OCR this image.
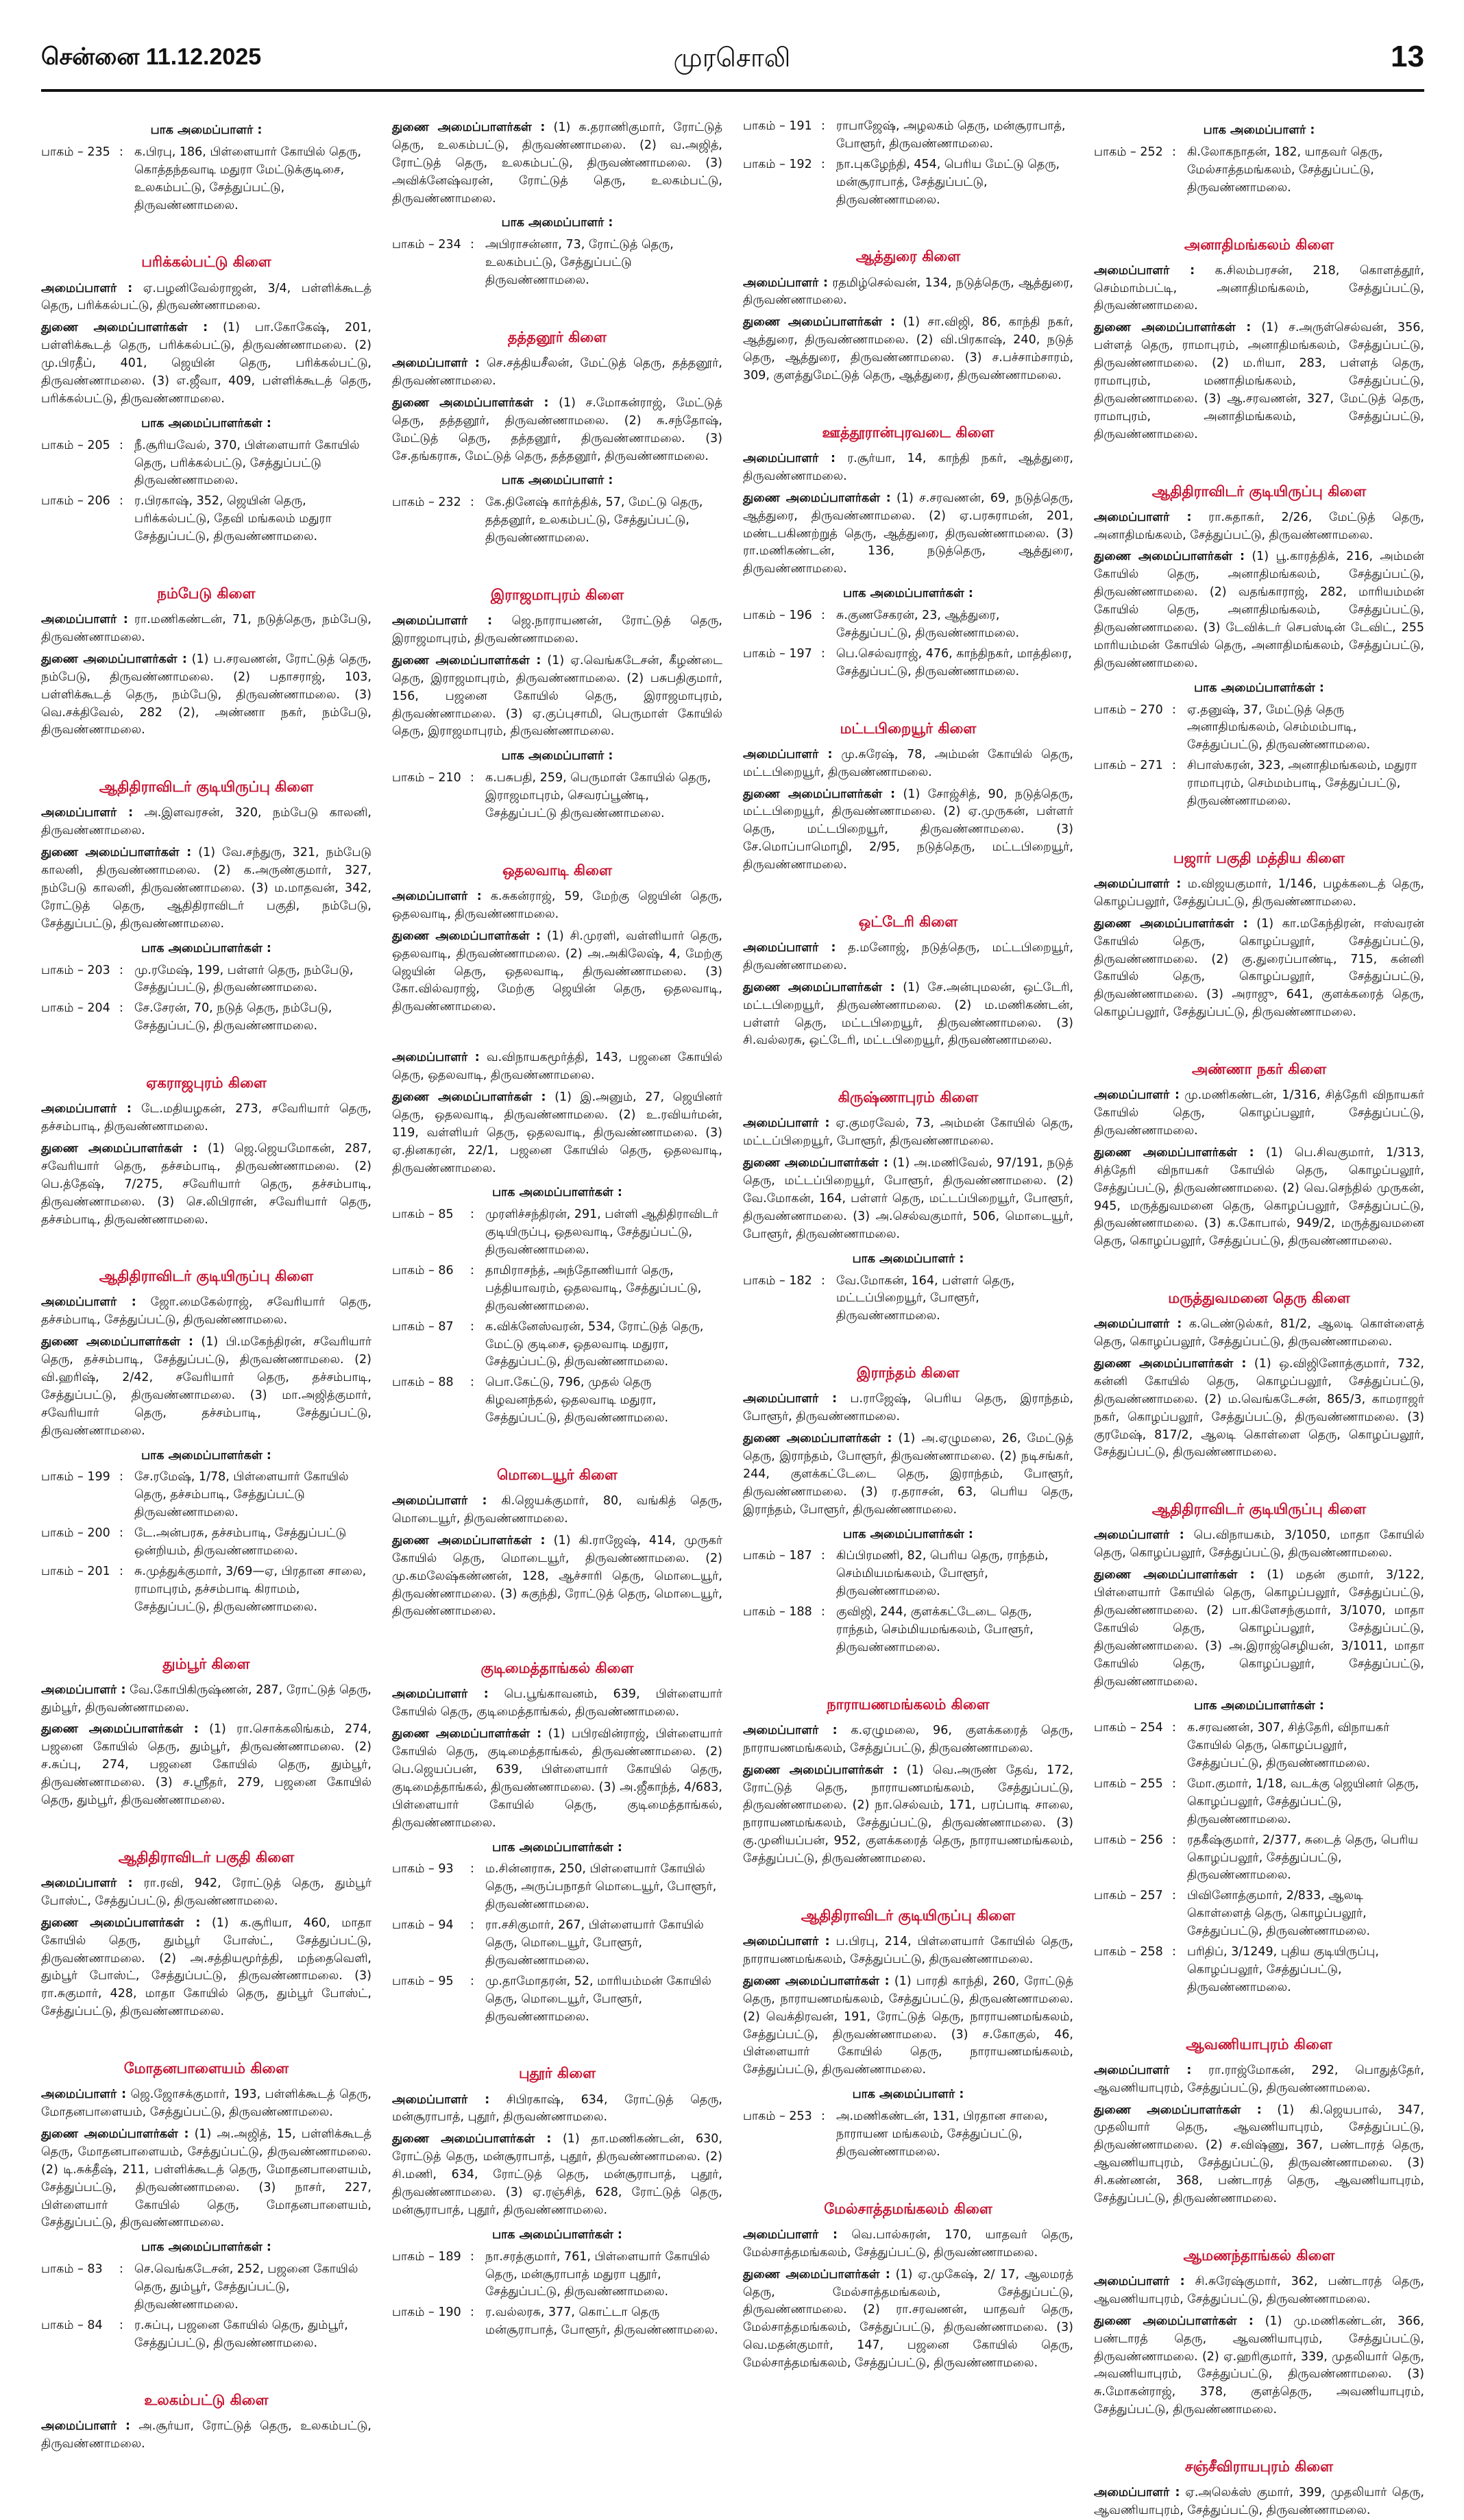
சென்னை 11.12.2025	முரசொலி	13
பாக அமைப்பாளர் :
பாகம் – 235 : க.பிரபு, 186, பிள்ளையார் கோயில் தெரு, கொத்தந்தவாடி மதுரா மேட்டுக்குடிசை, உலகம்பட்டு, சேத்துப்பட்டு, திருவண்ணாமலை.
பரிக்கல்பட்டு கிளை
அமைப்பாளர் : ஏ.பழனிவேல்ராஜன், 3/4, பள்ளிக்கூடத் தெரு, பரிக்கல்பட்டு, திருவண்ணாமலை.
துணை அமைப்பாளர்கள் : (1) பா.கோகேஷ், 201, பள்ளிக்கூடத் தெரு, பரிக்கல்பட்டு, திருவண்ணாமலை. (2) மு.பிரதீப், 401, ஜெயின் தெரு, பரிக்கல்பட்டு, திருவண்ணாமலை. (3) எ.ஜீவா, 409, பள்ளிக்கூடத் தெரு, பரிக்கல்பட்டு, திருவண்ணாமலை.
பாக அமைப்பாளர்கள் :
பாகம் – 205 : நீ.சூரியவேல், 370, பிள்ளையார் கோயில் தெரு, பரிக்கல்பட்டு, சேத்துப்பட்டு திருவண்ணாமலை.
பாகம் – 206 : ர.பிரகாஷ், 352, ஜெயின் தெரு, பரிக்கல்பட்டு, தேவி மங்கலம் மதுரா சேத்துப்பட்டு, திருவண்ணாமலை.
நம்பேடு கிளை
அமைப்பாளர் : ரா.மணிகண்டன், 71, நடுத்தெரு, நம்பேடு, திருவண்ணாமலை.
துணை அமைப்பாளர்கள் : (1) ப.சரவணன், ரோட்டுத் தெரு, நம்பேடு, திருவண்ணாமலை. (2) பதாசராஜ், 103, பள்ளிக்கூடத் தெரு, நம்பேடு, திருவண்ணாமலை. (3) வெ.சக்திவேல், 282 (2), அண்ணா நகர், நம்பேடு, திருவண்ணாமலை.
ஆதிதிராவிடர் குடியிருப்பு கிளை
அமைப்பாளர் : அ.இளவரசன், 320, நம்பேடு காலனி, திருவண்ணாமலை.
துணை அமைப்பாளர்கள் : (1) வே.சந்துரு, 321, நம்பேடு காலனி, திருவண்ணாமலை. (2) க.அருண்குமார், 327, நம்பேடு காலனி, திருவண்ணாமலை. (3) ம.மாதவன், 342, ரோட்டுத் தெரு, ஆதிதிராவிடர் பகுதி, நம்பேடு, சேத்துப்பட்டு, திருவண்ணாமலை.
பாக அமைப்பாளர்கள் :
பாகம் – 203 : மு.ரமேஷ், 199, பள்ளர் தெரு, நம்பேடு, சேத்துப்பட்டு, திருவண்ணாமலை.
பாகம் – 204 : சே.சேரன், 70, நடுத் தெரு, நம்பேடு, சேத்துப்பட்டு, திருவண்ணாமலை.
ஏகராஜபுரம் கிளை
அமைப்பாளர் : டே.மதியழகன், 273, சவேரியார் தெரு, தச்சம்பாடி, திருவண்ணாமலை.
துணை அமைப்பாளர்கள் : (1) ஜெ.ஜெயமோகன், 287, சவேரியார் தெரு, தச்சம்பாடி, திருவண்ணாமலை. (2) பெ.த்தேஷ், 7/275, சவேரியார் தெரு, தச்சம்பாடி, திருவண்ணாமலை. (3) செ.லிபிரான், சவேரியார் தெரு, தச்சம்பாடி, திருவண்ணாமலை.
ஆதிதிராவிடர் குடியிருப்பு கிளை
அமைப்பாளர் : ஜோ.மைகேல்ராஜ், சவேரியார் தெரு, தச்சம்பாடி, சேத்துப்பட்டு, திருவண்ணாமலை.
துணை அமைப்பாளர்கள் : (1) பி.மகேந்திரன், சவேரியார் தெரு, தச்சம்பாடி, சேத்துப்பட்டு, திருவண்ணாமலை. (2) வி.ஹரிஷ், 2/42, சவேரியார் தெரு, தச்சம்பாடி, சேத்துப்பட்டு, திருவண்ணாமலை. (3) மா.அஜித்குமார், சவேரியார் தெரு, தச்சம்பாடி, சேத்துப்பட்டு, திருவண்ணாமலை.
பாக அமைப்பாளர்கள் :
பாகம் – 199 : சே.ரமேஷ், 1/78, பிள்ளையார் கோயில் தெரு, தச்சம்பாடி, சேத்துப்பட்டு திருவண்ணாமலை.
பாகம் – 200 : டே.அன்பரசு, தச்சம்பாடி, சேத்துப்பட்டு ஒன்றியம், திருவண்ணாமலை.
பாகம் – 201 : சு.முத்துக்குமார், 3/69—ஏ, பிரதான சாலை, ராமாபுரம், தச்சம்பாடி கிராமம், சேத்துப்பட்டு, திருவண்ணாமலை.
தும்பூர் கிளை
அமைப்பாளர் : வே.கோபிகிருஷ்ணன், 287, ரோட்டுத் தெரு, தும்பூர், திருவண்ணாமலை.
துணை அமைப்பாளர்கள் : (1) ரா.சொக்கலிங்கம், 274, பஜனை கோயில் தெரு, தும்பூர், திருவண்ணாமலை. (2) ச.சுப்பு, 274, பஜனை கோயில் தெரு, தும்பூர், திருவண்ணாமலை. (3) ச.ஸ்ரீதர், 279, பஜனை கோயில் தெரு, தும்பூர், திருவண்ணாமலை.
ஆதிதிராவிடர் பகுதி கிளை
அமைப்பாளர் : ரா.ரவி, 942, ரோட்டுத் தெரு, தும்பூர் போஸ்ட், சேத்துப்பட்டு, திருவண்ணாமலை.
துணை அமைப்பாளர்கள் : (1) க.சூரியா, 460, மாதா கோயில் தெரு, தும்பூர் போஸ்ட், சேத்துப்பட்டு, திருவண்ணாமலை. (2) அ.சத்தியமூர்த்தி, மந்தைவெளி, தும்பூர் போஸ்ட், சேத்துப்பட்டு, திருவண்ணாமலை. (3) ரா.சுகுமார், 428, மாதா கோயில் தெரு, தும்பூர் போஸ்ட், சேத்துப்பட்டு, திருவண்ணாமலை.
மோதனபாளையம் கிளை
அமைப்பாளர் : ஜெ.ஜோசக்குமார், 193, பள்ளிக்கூடத் தெரு, மோதனபாளையம், சேத்துப்பட்டு, திருவண்ணாமலை.
துணை அமைப்பாளர்கள் : (1) அ.அஜித், 15, பள்ளிக்கூடத் தெரு, மோதனபாளையம், சேத்துப்பட்டு, திருவண்ணாமலை. (2) டி.சுக்தீஷ், 211, பள்ளிக்கூடத் தெரு, மோதனபாளையம், சேத்துப்பட்டு, திருவண்ணாமலை. (3) நாசர், 227, பிள்ளையார் கோயில் தெரு, மோதனபாளையம், சேத்துப்பட்டு, திருவண்ணாமலை.
பாக அமைப்பாளர்கள் :
பாகம் – 83	: செ.வெங்கடேசன், 252, பஜனை கோயில் தெரு, தும்பூர், சேத்துப்பட்டு, திருவண்ணாமலை.
பாகம் – 84	: ர.சுப்பு, பஜனை கோயில் தெரு, தும்பூர், சேத்துப்பட்டு, திருவண்ணாமலை.
உலகம்பட்டு கிளை
அமைப்பாளர் : அ.சூர்யா, ரோட்டுத் தெரு, உலகம்பட்டு, திருவண்ணாமலை.
துணை அமைப்பாளர்கள் : (1) சு.தராணிகுமார், ரோட்டுத் தெரு, உலகம்பட்டு, திருவண்ணாமலை. (2) வ.அஜித், ரோட்டுத் தெரு, உலகம்பட்டு, திருவண்ணாமலை. (3) அவிக்னேஷ்வரன், ரோட்டுத் தெரு, உலகம்பட்டு, திருவண்ணாமலை.
பாக அமைப்பாளர் :
பாகம் – 234 : அபிராசன்னா, 73, ரோட்டுத் தெரு, உலகம்பட்டு, சேத்துப்பட்டு திருவண்ணாமலை.
தத்தனூர் கிளை
அமைப்பாளர் : செ.சத்தியசீலன், மேட்டுத் தெரு, தத்தனூர், திருவண்ணாமலை.
துணை அமைப்பாளர்கள் : (1) ச.மோகன்ராஜ், மேட்டுத் தெரு, தத்தனூர், திருவண்ணாமலை. (2) சு.சந்தோஷ், மேட்டுத் தெரு, தத்தனூர், திருவண்ணாமலை. (3) சே.தங்கராசு, மேட்டுத் தெரு, தத்தனூர், திருவண்ணாமலை.
பாக அமைப்பாளர் :
பாகம் – 232 : கே.தினேஷ் கார்த்திக், 57, மேட்டு தெரு, தத்தனூர், உலகம்பட்டு, சேத்துப்பட்டு, திருவண்ணாமலை.
இராஜமாபுரம் கிளை
அமைப்பாளர் : ஜெ.நாராயணன், ரோட்டுத் தெரு, இராஜமாபுரம், திருவண்ணாமலை.
துணை அமைப்பாளர்கள் : (1) ஏ.வெங்கடேசன், கீழண்டை தெரு, இராஜமாபுரம், திருவண்ணாமலை. (2) பசுபதிகுமார், 156, பஜனை கோயில் தெரு, இராஜமாபுரம், திருவண்ணாமலை. (3) ஏ.குப்புசாமி, பெருமாள் கோயில் தெரு, இராஜமாபுரம், திருவண்ணாமலை.
பாக அமைப்பாளர் :
பாகம் – 210 : க.பசுபதி, 259, பெருமாள் கோயில் தெரு, இராஜமாபுரம், செவரப்பூண்டி, சேத்துப்பட்டு திருவண்ணாமலை.
ஒதலவாடி கிளை
அமைப்பாளர் : க.சுகன்ராஜ், 59, மேற்கு ஜெயின் தெரு, ஒதலவாடி, திருவண்ணாமலை.
துணை அமைப்பாளர்கள் : (1) சி.முரளி, வள்ளியார் தெரு, ஒதலவாடி, திருவண்ணாமலை. (2) அ.அகிலேஷ், 4, மேற்கு ஜெயின் தெரு, ஒதலவாடி, திருவண்ணாமலை. (3) கோ.வில்வராஜ், மேற்கு ஜெயின் தெரு, ஒதலவாடி, திருவண்ணாமலை.
அமைப்பாளர் : வ.விநாயகமூர்த்தி, 143, பஜனை கோயில் தெரு, ஒதலவாடி, திருவண்ணாமலை.
துணை அமைப்பாளர்கள் : (1) இ.அனும், 27, ஜெயினர் தெரு, ஒதலவாடி, திருவண்ணாமலை. (2) உ.ரவியர்மன், 119, வள்ளியர் தெரு, ஒதலவாடி, திருவண்ணாமலை. (3) ஏ.தினகரன், 22/1, பஜனை கோயில் தெரு, ஒதலவாடி, திருவண்ணாமலை.
பாக அமைப்பாளர்கள் :
பாகம் – 85	: முரளிச்சந்திரன், 291, பள்ளி ஆதிதிராவிடர் குடியிருப்பு, ஒதலவாடி, சேத்துப்பட்டு, திருவண்ணாமலை.
பாகம் – 86	: தாமிராசந்த், அந்தோணியார் தெரு, பத்தியாவரம், ஒதலவாடி, சேத்துப்பட்டு, திருவண்ணாமலை.
பாகம் – 87	: க.விக்னேஸ்வரன், 534, ரோட்டுத் தெரு, மேட்டு குடிசை, ஒதலவாடி மதுரா, சேத்துப்பட்டு, திருவண்ணாமலை.
பாகம் – 88	: பொ.கேட்டு, 796, முதல் தெரு கிழவனந்தல், ஒதலவாடி மதுரா, சேத்துப்பட்டு, திருவண்ணாமலை.
மொடையூர் கிளை
அமைப்பாளர் : கி.ஜெயக்குமார், 80, வங்கித் தெரு, மொடையூர், திருவண்ணாமலை.
துணை அமைப்பாளர்கள் : (1) கி.ராஜேஷ், 414, முருகர் கோயில் தெரு, மொடையூர், திருவண்ணாமலை. (2) மு.கமலேஷ்கண்ணன், 128, ஆச்சாரி தெரு, மொடையூர், திருவண்ணாமலை. (3) சுகுந்தி, ரோட்டுத் தெரு, மொடையூர், திருவண்ணாமலை.
குடிமைத்தாங்கல் கிளை
அமைப்பாளர் : பெ.பூங்காவனம், 639, பிள்ளையார் கோயில் தெரு, குடிமைத்தாங்கல், திருவண்ணாமலை.
துணை அமைப்பாளர்கள் : (1) பபிரவின்ராஜ், பிள்ளையார் கோயில் தெரு, குடிமைத்தாங்கல், திருவண்ணாமலை. (2) பெ.ஜெயப்பன், 639, பிள்ளையார் கோயில் தெரு, குடிமைத்தாங்கல், திருவண்ணாமலை. (3) அ.ஜீகாந்த், 4/683, பிள்ளையார் கோயில் தெரு, குடிமைத்தாங்கல், திருவண்ணாமலை.
பாக அமைப்பாளர்கள் :
பாகம் – 93	: ம.சின்னராசு, 250, பிள்ளையார் கோயில் தெரு, அருப்பநாதர் மொடையூர், போளூர், திருவண்ணாமலை.
பாகம் – 94	: ரா.சசிகுமார், 267, பிள்ளையார் கோயில் தெரு, மொடையூர், போளூர், திருவண்ணாமலை.
பாகம் – 95	: மு.தாமோதரன், 52, மாரியம்மன் கோயில் தெரு, மொடையூர், போளூர், திருவண்ணாமலை.
புதூர் கிளை
அமைப்பாளர் : சிபிரகாஷ், 634, ரோட்டுத் தெரு, மன்சூராபாத், புதூர், திருவண்ணாமலை.
துணை அமைப்பாளர்கள் : (1) தா.மணிகண்டன், 630, ரோட்டுத் தெரு, மன்சூராபாத், புதூர், திருவண்ணாமலை. (2) சி.மணி, 634, ரோட்டுத் தெரு, மன்சூராபாத், புதூர், திருவண்ணாமலை. (3) ஏ.ரஞ்சித், 628, ரோட்டுத் தெரு, மன்சூராபாத், புதூர், திருவண்ணாமலை.
பாக அமைப்பாளர்கள் :
பாகம் – 189 : நா.சரத்குமார், 761, பிள்ளையார் கோயில் தெரு, மன்சூராபாத் மதுரா புதூர், சேத்துப்பட்டு, திருவண்ணாமலை.
பாகம் – 190 : ர.வல்லரசு, 377, கொட்டா தெரு மன்சூராபாத், போளூர், திருவண்ணாமலை.
பாகம் – 191 : ராபாஜேஷ், அழலகம் தெரு, மன்சூராபாத், போளூர், திருவண்ணாமலை.
பாகம் – 192 : நா.புகழேந்தி, 454, பெரிய மேட்டு தெரு, மன்சூராபாத், சேத்துப்பட்டு, திருவண்ணாமலை.
ஆத்துரை கிளை
அமைப்பாளர் : ரதமிழ்செல்வன், 134, நடுத்தெரு, ஆத்துரை, திருவண்ணாமலை.
துணை அமைப்பாளர்கள் : (1) சா.விஜி, 86, காந்தி நகர், ஆத்துரை, திருவண்ணாமலை. (2) வி.பிரகாஷ், 240, நடுத் தெரு, ஆத்துரை, திருவண்ணாமலை. (3) ச.பச்சாம்சாரம், 309, குளத்துமேட்டுத் தெரு, ஆத்துரை, திருவண்ணாமலை.
ஊத்தூரான்புரவடை கிளை
அமைப்பாளர் : ர.சூர்யா, 14, காந்தி நகர், ஆத்துரை, திருவண்ணாமலை.
துணை அமைப்பாளர்கள் : (1) ச.சரவணன், 69, நடுத்தெரு, ஆத்துரை, திருவண்ணாமலை. (2) ஏ.பரசுராமன், 201, மண்டபகிணற்றுத் தெரு, ஆத்துரை, திருவண்ணாமலை. (3) ரா.மணிகண்டன், 136, நடுத்தெரு, ஆத்துரை, திருவண்ணாமலை.
பாக அமைப்பாளர்கள் :
பாகம் – 196 : சு.குணசேகரன், 23, ஆத்துரை, சேத்துப்பட்டு, திருவண்ணாமலை.
பாகம் – 197 : பெ.செல்வராஜ், 476, காந்திநகர், மாத்திரை, சேத்துப்பட்டு, திருவண்ணாமலை.
மட்டபிறையூர் கிளை
அமைப்பாளர் : மு.சுரேஷ், 78, அம்மன் கோயில் தெரு, மட்டபிறையூர், திருவண்ணாமலை.
துணை அமைப்பாளர்கள் : (1) சோஜ்சித், 90, நடுத்தெரு, மட்டபிறையூர், திருவண்ணாமலை. (2) ஏ.முருகன், பள்ளர் தெரு, மட்டபிறையூர், திருவண்ணாமலை. (3) சே.மொப்பாமொழி, 2/95, நடுத்தெரு, மட்டபிறையூர், திருவண்ணாமலை.
ஒட்டேரி கிளை
அமைப்பாளர் : த.மனோஜ், நடுத்தெரு, மட்டபிறையூர், திருவண்ணாமலை.
துணை அமைப்பாளர்கள் : (1) சே.அன்புமலன், ஒட்டேரி, மட்டபிறையூர், திருவண்ணாமலை. (2) ம.மணிகண்டன், பள்ளர் தெரு, மட்டபிறையூர், திருவண்ணாமலை. (3) சி.வல்லரசு, ஒட்டேரி, மட்டபிறையூர், திருவண்ணாமலை.
கிருஷ்ணாபுரம் கிளை
அமைப்பாளர் : ஏ.குமரவேல், 73, அம்மன் கோயில் தெரு, மட்டப்பிறையூர், போளூர், திருவண்ணாமலை.
துணை அமைப்பாளர்கள் : (1) அ.மணிவேல், 97/191, நடுத் தெரு, மட்டப்பிறையூர், போளூர், திருவண்ணாமலை. (2) வே.மோகன், 164, பள்ளர் தெரு, மட்டப்பிறையூர், போளூர், திருவண்ணாமலை. (3) அ.செல்வகுமார், 506, மொடையூர், போளூர், திருவண்ணாமலை.
பாக அமைப்பாளர் :
பாகம் – 182 : வே.மோகன், 164, பள்ளர் தெரு, மட்டப்பிறையூர், போளூர், திருவண்ணாமலை.
இராந்தம் கிளை
அமைப்பாளர் : ப.ராஜேஷ், பெரிய தெரு, இராந்தம், போளூர், திருவண்ணாமலை.
துணை அமைப்பாளர்கள் : (1) அ.ஏழுமலை, 26, மேட்டுத் தெரு, இராந்தம், போளூர், திருவண்ணாமலை. (2) நடிசங்கர், 244, குளக்கட்டேடை தெரு, இராந்தம், போளூர், திருவண்ணாமலை. (3) ர.தராசன், 63, பெரிய தெரு, இராந்தம், போளூர், திருவண்ணாமலை.
பாக அமைப்பாளர்கள் :
பாகம் – 187 : கிப்பிரமணி, 82, பெரிய தெரு, ராந்தம், செம்மியமங்கலம், போளூர், திருவண்ணாமலை.
பாகம் – 188 : குவிஜி, 244, குளக்கட்டேடை தெரு, ராந்தம், செம்மியமங்கலம், போளூர், திருவண்ணாமலை.
நாராயணமங்கலம் கிளை
அமைப்பாளர் : க.ஏழுமலை, 96, குளக்கரைத் தெரு, நாராயணமங்கலம், சேத்துப்பட்டு, திருவண்ணாமலை.
துணை அமைப்பாளர்கள் : (1) வெ.அருண் தேவ், 172, ரோட்டுத் தெரு, நாராயணமங்கலம், சேத்துப்பட்டு, திருவண்ணாமலை. (2) நா.செல்வம், 171, பரப்பாடி சாலை, நாராயணமங்கலம், சேத்துப்பட்டு, திருவண்ணாமலை. (3) கு.முனியப்பன், 952, குளக்கரைத் தெரு, நாராயணமங்கலம், சேத்துப்பட்டு, திருவண்ணாமலை.
ஆதிதிராவிடர் குடியிருப்பு கிளை
அமைப்பாளர் : ப.பிரபு, 214, பிள்ளையார் கோயில் தெரு, நாராயணமங்கலம், சேத்துப்பட்டு, திருவண்ணாமலை.
துணை அமைப்பாளர்கள் : (1) பாரதி காந்தி, 260, ரோட்டுத் தெரு, நாராயணமங்கலம், சேத்துப்பட்டு, திருவண்ணாமலை. (2) வெக்திரவன், 191, ரோட்டுத் தெரு, நாராயணமங்கலம், சேத்துப்பட்டு, திருவண்ணாமலை. (3) ச.கோகுல், 46, பிள்ளையார் கோயில் தெரு, நாராயணமங்கலம், சேத்துப்பட்டு, திருவண்ணாமலை.
பாக அமைப்பாளர் :
பாகம் – 253 : அ.மணிகண்டன், 131, பிரதான சாலை, நாராயண மங்கலம், சேத்துப்பட்டு, திருவண்ணாமலை.
மேல்சாத்தமங்கலம் கிளை
அமைப்பாளர் : வெ.பால்சுரன், 170, யாதவர் தெரு, மேல்சாத்தமங்கலம், சேத்துப்பட்டு, திருவண்ணாமலை.
துணை அமைப்பாளர்கள் : (1) ஏ.முகேஷ், 2/ 17, ஆலமரத் தெரு, மேல்சாத்தமங்கலம், சேத்துப்பட்டு, திருவண்ணாமலை. (2) ரா.சரவணன், யாதவர் தெரு, மேல்சாத்தமங்கலம், சேத்துப்பட்டு, திருவண்ணாமலை. (3) வெ.மதன்குமார், 147, பஜனை கோயில் தெரு, மேல்சாத்தமங்கலம், சேத்துப்பட்டு, திருவண்ணாமலை.
பாக அமைப்பாளர் :
பாகம் – 252 : கி.லோகநாதன், 182, யாதவர் தெரு, மேல்சாத்தமங்கலம், சேத்துப்பட்டு, திருவண்ணாமலை.
அனாதிமங்கலம் கிளை
அமைப்பாளர் : க.சிலம்பரசன், 218, கொளத்தூர், செம்மாம்பட்டி, அனாதிமங்கலம், சேத்துப்பட்டு, திருவண்ணாமலை.
துணை அமைப்பாளர்கள் : (1) ச.அருள்செல்வன், 356, பள்ளத் தெரு, ராமாபுரம், அனாதிமங்கலம், சேத்துப்பட்டு, திருவண்ணாமலை. (2) ம.ரியா, 283, பள்ளத் தெரு, ராமாபுரம், மணாதிமங்கலம், சேத்துப்பட்டு, திருவண்ணாமலை. (3) ஆ.சரவணன், 327, மேட்டுத் தெரு, ராமாபுரம், அனாதிமங்கலம், சேத்துப்பட்டு, திருவண்ணாமலை.
ஆதிதிராவிடர் குடியிருப்பு கிளை
அமைப்பாளர் : ரா.சுதாகர், 2/26, மேட்டுத் தெரு, அனாதிமங்கலம், சேத்துப்பட்டு, திருவண்ணாமலை.
துணை அமைப்பாளர்கள் : (1) பூ.காரத்திக், 216, அம்மன் கோயில் தெரு, அனாதிமங்கலம், சேத்துப்பட்டு, திருவண்ணாமலை. (2) வதங்காராஜ், 282, மாரியம்மன் கோயில் தெரு, அனாதிமங்கலம், சேத்துப்பட்டு, திருவண்ணாமலை. (3) டேவிக்டர் செபஸ்டின் டேவிட், 255 மாரியம்மன் கோயில் தெரு, அனாதிமங்கலம், சேத்துப்பட்டு, திருவண்ணாமலை.
பாக அமைப்பாளர்கள் :
பாகம் – 270 : ஏ.தனுஷ், 37, மேட்டுத் தெரு அனாதிமங்கலம், செம்மம்பாடி, சேத்துப்பட்டு, திருவண்ணாமலை.
பாகம் – 271 : சிபாஸ்கரன், 323, அனாதிமங்கலம், மதுரா ராமாபுரம், செம்மம்பாடி, சேத்துப்பட்டு, திருவண்ணாமலை.
பஜார் பகுதி மத்திய கிளை
அமைப்பாளர் : ம.விஜயகுமார், 1/146, பழக்கடைத் தெரு, கொழப்பலூர், சேத்துப்பட்டு, திருவண்ணாமலை.
துணை அமைப்பாளர்கள் : (1) கா.மகேந்திரன், ஈஸ்வரன் கோயில் தெரு, கொழப்பலூர், சேத்துப்பட்டு, திருவண்ணாமலை. (2) கு.துரைப்பாண்டி, 715, கன்னி கோயில் தெரு, கொழப்பலூர், சேத்துப்பட்டு, திருவண்ணாமலை. (3) அராஜு, 641, குளக்கரைத் தெரு, கொழப்பலூர், சேத்துப்பட்டு, திருவண்ணாமலை.
அண்ணா நகர் கிளை
அமைப்பாளர் : மு.மணிகண்டன், 1/316, சித்தேரி விநாயகர் கோயில் தெரு, கொழப்பலூர், சேத்துப்பட்டு, திருவண்ணாமலை.
துணை அமைப்பாளர்கள் : (1) பெ.சிவகுமார், 1/313, சித்தேரி விநாயகர் கோயில் தெரு, கொழப்பலூர், சேத்துப்பட்டு, திருவண்ணாமலை. (2) வெ.செந்தில் முருகன், 945, மருத்துவமனை தெரு, கொழப்பலூர், சேத்துப்பட்டு, திருவண்ணாமலை. (3) க.கோபால், 949/2, மருத்துவமனை தெரு, கொழப்பலூர், சேத்துப்பட்டு, திருவண்ணாமலை.
மருத்துவமனை தெரு கிளை
அமைப்பாளர் : க.டெண்டுல்கர், 81/2, ஆலடி கொள்ளைத் தெரு, கொழப்பலூர், சேத்துப்பட்டு, திருவண்ணாமலை.
துணை அமைப்பாளர்கள் : (1) ஒ.விஜினோத்குமார், 732, கன்னி கோயில் தெரு, கொழப்பலூர், சேத்துப்பட்டு, திருவண்ணாமலை. (2) ம.வெங்கடேசன், 865/3, காமராஜர் நகர், கொழப்பலூர், சேத்துப்பட்டு, திருவண்ணாமலை. (3) குரமேஷ், 817/2, ஆலடி கொள்ளை தெரு, கொழப்பலூர், சேத்துப்பட்டு, திருவண்ணாமலை.
ஆதிதிராவிடர் குடியிருப்பு கிளை
அமைப்பாளர் : பெ.விநாயகம், 3/1050, மாதா கோயில் தெரு, கொழப்பலூர், சேத்துப்பட்டு, திருவண்ணாமலை.
துணை அமைப்பாளர்கள் : (1) மதன் குமார், 3/122, பிள்ளையார் கோயில் தெரு, கொழப்பலூர், சேத்துப்பட்டு, திருவண்ணாமலை. (2) பா.கிளேசந்குமார், 3/1070, மாதா கோயில் தெரு, கொழப்பலூர், சேத்துப்பட்டு, திருவண்ணாமலை. (3) அ.இராஜ்செழியன், 3/1011, மாதா கோயில் தெரு, கொழப்பலூர், சேத்துப்பட்டு, திருவண்ணாமலை.
பாக அமைப்பாளர்கள் :
பாகம் – 254 : க.சரவணன், 307, சித்தேரி, விநாயகர் கோயில் தெரு, கொழப்பலூர், சேத்துப்பட்டு, திருவண்ணாமலை.
பாகம் – 255 : மோ.குமார், 1/18, வடக்கு ஜெயினர் தெரு, கொழப்பலூர், சேத்துப்பட்டு, திருவண்ணாமலை.
பாகம் – 256 : ரதகீஷ்குமார், 2/377, சுடைத் தெரு, பெரிய கொழப்பலூர், சேத்துப்பட்டு, திருவண்ணாமலை.
பாகம் – 257 : பிவினோத்குமார், 2/833, ஆலடி கொள்ளைத் தெரு, கொழப்பலூர், சேத்துப்பட்டு, திருவண்ணாமலை.
பாகம் – 258 : பரிதிப், 3/1249, புதிய குடியிருப்பு, கொழப்பலூர், சேத்துப்பட்டு, திருவண்ணாமலை.
ஆவணியாபுரம் கிளை
அமைப்பாளர் : ரா.ராஜ்மோகன், 292, பொதுத்தேர், ஆவணியாபுரம், சேத்துப்பட்டு, திருவண்ணாமலை.
துணை அமைப்பாளர்கள் : (1) கி.ஜெயபால், 347, முதலியார் தெரு, ஆவணியாபுரம், சேத்துப்பட்டு, திருவண்ணாமலை. (2) ச.விஷ்ணு, 367, பண்டாரத் தெரு, ஆவணியாபுரம், சேத்துப்பட்டு, திருவண்ணாமலை. (3) சி.கண்ணன், 368, பண்டாரத் தெரு, ஆவணியாபுரம், சேத்துப்பட்டு, திருவண்ணாமலை.
ஆமணந்தாங்கல் கிளை
அமைப்பாளர் : சி.சுரேஷ்குமார், 362, பண்டாரத் தெரு, ஆவணியாபுரம், சேத்துப்பட்டு, திருவண்ணாமலை.
துணை அமைப்பாளர்கள் : (1) மு.மணிகண்டன், 366, பண்டாரத் தெரு, ஆவணியாபுரம், சேத்துப்பட்டு, திருவண்ணாமலை. (2) ஏ.ஹரிகுமார், 339, முதலியார் தெரு, அவணியாபுரம், சேத்துப்பட்டு, திருவண்ணாமலை. (3) சு.மோகன்ராஜ், 378, குளத்தெரு, அவணியாபுரம், சேத்துப்பட்டு, திருவண்ணாமலை.
சஞ்சீவிராயபுரம் கிளை
அமைப்பாளர் : ஏ.அலெக்ஸ் குமார், 399, முதலியார் தெரு, ஆவணியாபுரம், சேத்துப்பட்டு, திருவண்ணாமலை.
